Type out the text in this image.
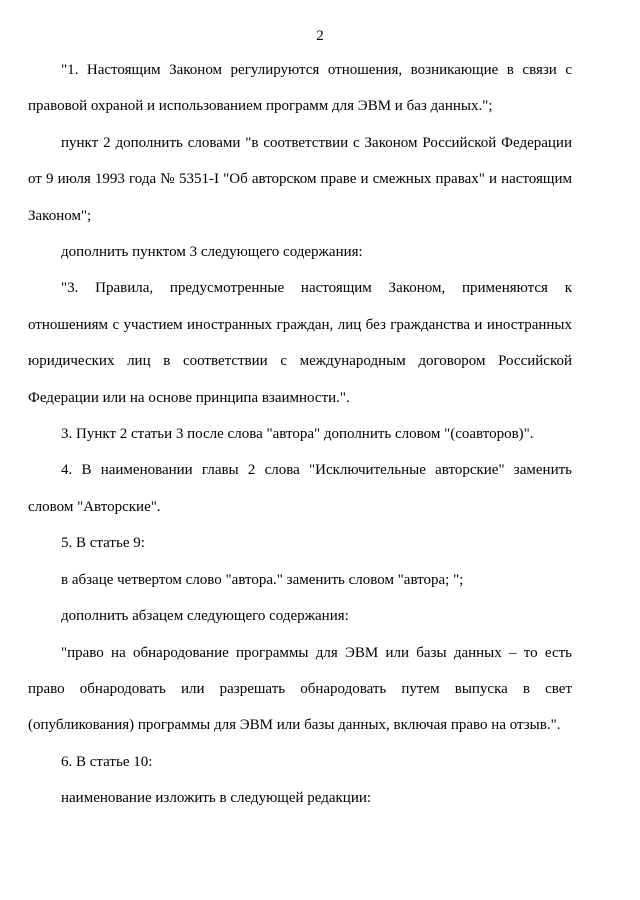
2

"1. Настоящим Законом регулируются отношения, возникающие в связи с правовой охраной и использованием программ для ЭВМ и баз данных.";

пункт 2 дополнить словами "в соответствии с Законом Российской Федерации от 9 июля 1993 года № 5351-I "Об авторском праве и смежных правах" и настоящим Законом";

дополнить пунктом 3 следующего содержания:

"3. Правила, предусмотренные настоящим Законом, применяются к отношениям с участием иностранных граждан, лиц без гражданства и иностранных юридических лиц в соответствии с международным договором Российской Федерации или на основе принципа взаимности.".

3. Пункт 2 статьи 3 после слова "автора" дополнить словом "(соавторов)".

4. В наименовании главы 2 слова "Исключительные авторские" заменить словом "Авторские".

5. В статье 9:

в абзаце четвертом слово "автора." заменить словом "автора; ";

дополнить абзацем следующего содержания:

"право на обнародование программы для ЭВМ или базы данных – то есть право обнародовать или разрешать обнародовать путем выпуска в свет (опубликования) программы для ЭВМ или базы данных, включая право на отзыв.".

6. В статье 10:

наименование изложить в следующей редакции:
